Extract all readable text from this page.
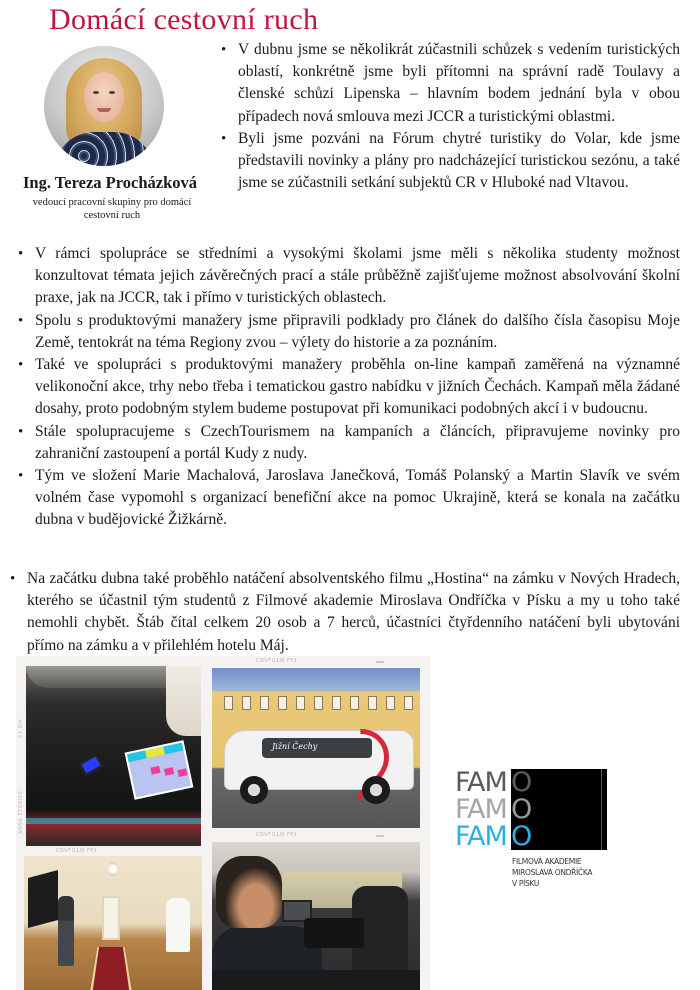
Domácí cestovní ruch
Ing. Tereza Procházková
vedoucí pracovní skupiny pro domácí cestovní ruch
• V dubnu jsme se několikrát zúčastnili schůzek s vedením turistických oblastí, konkrétně jsme byli přítomni na správní radě Toulavy a členské schůzi Lipenska – hlavním bodem jednání byla v obou případech nová smlouva mezi JCCR a turistickými oblastmi.
• Byli jsme pozváni na Fórum chytré turistiky do Volar, kde jsme představili novinky a plány pro nadcházející turistickou sezónu, a také jsme se zúčastnili setkání subjektů CR v Hluboké nad Vltavou.
• V rámci spolupráce se středními a vysokými školami jsme měli s několika studenty možnost konzultovat témata jejich závěrečných prací a stále průběžně zajišťujeme možnost absolvování školní praxe, jak na JCCR, tak i přímo v turistických oblastech.
• Spolu s produktovými manažery jsme připravili podklady pro článek do dalšího čísla časopisu Moje Země, tentokrát na téma Regiony zvou – výlety do historie a za poznáním.
• Také ve spolupráci s produktovými manažery proběhla on-line kampaň zaměřená na významné velikonoční akce, trhy nebo třeba i tematickou gastro nabídku v jižních Čechách. Kampaň měla žádané dosahy, proto podobným stylem budeme postupovat při komunikaci podobných akcí i v budoucnu.
• Stále spolupracujeme s CzechTourismem na kampaních a článcích, připravujeme novinky pro zahraniční zastoupení a portál Kudy z nudy.
• Tým ve složení Marie Machalová, Jaroslava Janečková, Tomáš Polanský a Martin Slavík ve svém volném čase vypomohl s organizací benefiční akce na pomoc Ukrajině, která se konala na začátku dubna v budějovické Žižkárně.
• Na začátku dubna také proběhlo natáčení absolventského filmu „Hostina“ na zámku v Nových Hradech, kterého se účastnil tým studentů z Filmové akademie Miroslava Ondříčka v Písku a my u toho také nemohli chybět. Štáb čítal celkem 20 osob a 7 herců, účastníci čtyřdenního natáčení byli ubytováni přímo na zámku a v přilehlém hotelu Máj.
CNVFILLM FF1
CNVFILLM FF1
CNVFILLM FF1
23 Dm
ANNA STORIES
Jižní Čechy
FAM O
FAM O
FAM O
FILMOVÁ AKADEMIE
MIROSLAVA ONDŘÍČKA
V PÍSKU
